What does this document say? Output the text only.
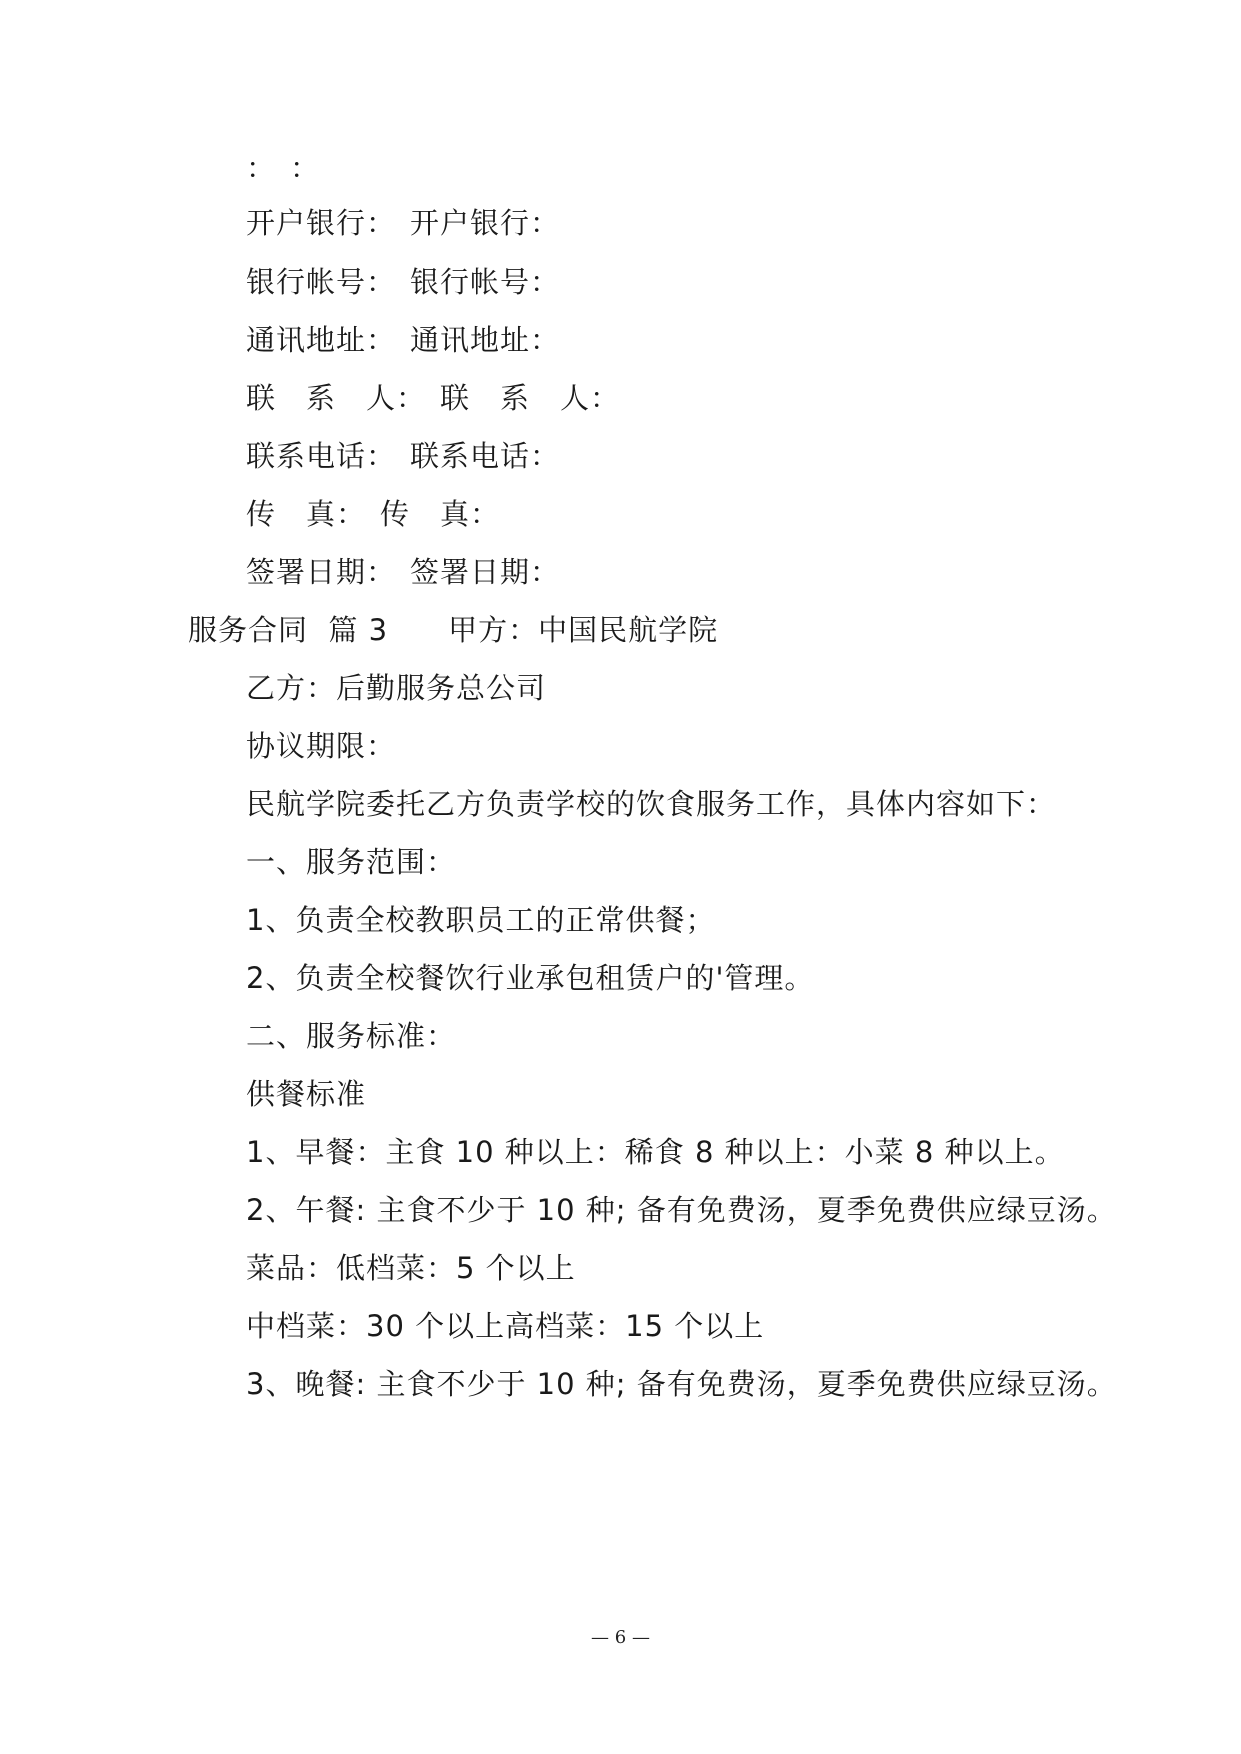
： ：
开户银行： 开户银行：
银行帐号： 银行帐号：
通讯地址： 通讯地址：
联　系　人： 联　系　人：
联系电话： 联系电话：
传　真： 传　真：
签署日期： 签署日期：
服务合同  篇 3 甲方：中国民航学院
乙方：后勤服务总公司
协议期限：
民航学院委托乙方负责学校的饮食服务工作，具体内容如下：
一、服务范围：
1、负责全校教职员工的正常供餐；
2、负责全校餐饮行业承包租赁户的'管理。
二、服务标准：
供餐标准
1、早餐：主食 10 种以上：稀食 8 种以上：小菜 8 种以上。
2、午餐: 主食不少于 10 种; 备有免费汤，夏季免费供应绿豆汤。
菜品：低档菜：5 个以上
中档菜：30 个以上高档菜：15 个以上
3、晚餐: 主食不少于 10 种; 备有免费汤，夏季免费供应绿豆汤。
— 6 —
